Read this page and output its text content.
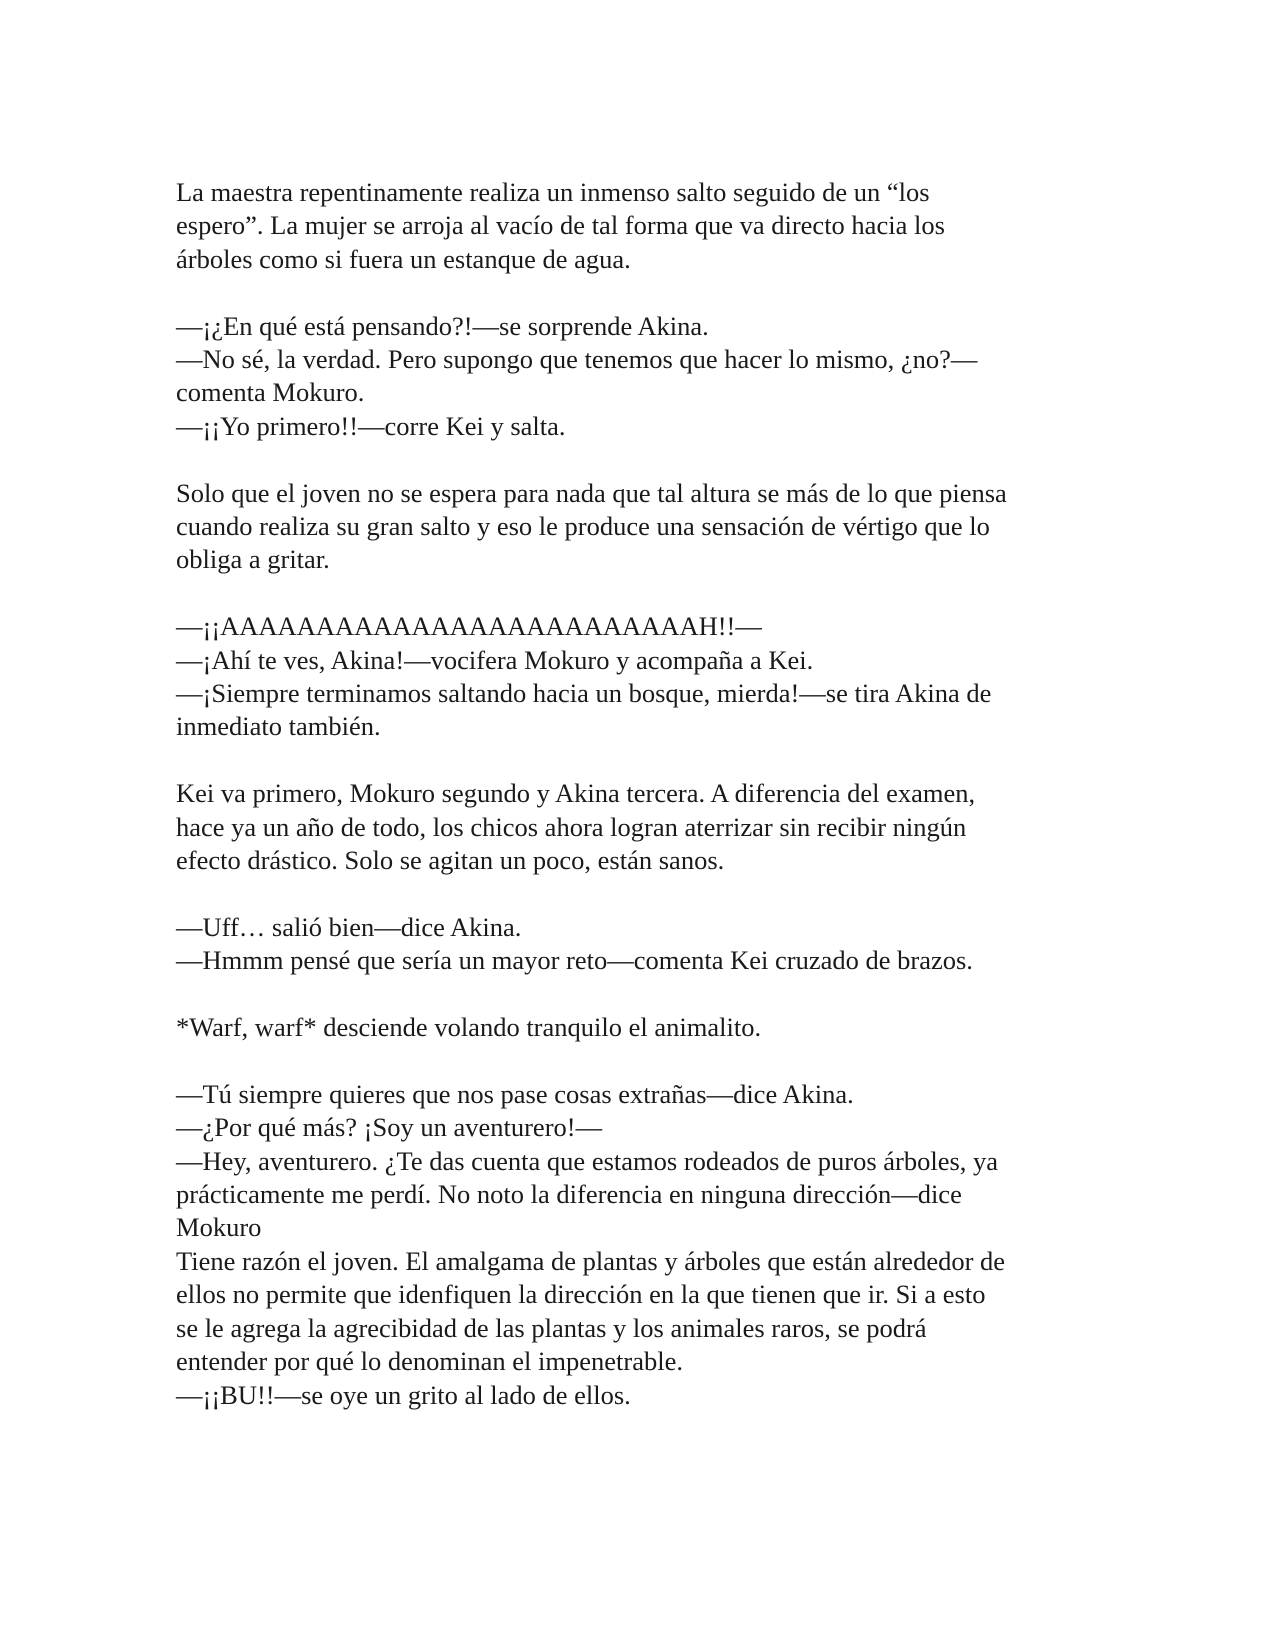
La maestra repentinamente realiza un inmenso salto seguido de un “los
espero”. La mujer se arroja al vacío de tal forma que va directo hacia los
árboles como si fuera un estanque de agua.

—¡¿En qué está pensando?!—se sorprende Akina.
—No sé, la verdad. Pero supongo que tenemos que hacer lo mismo, ¿no?—
comenta Mokuro.
—¡¡Yo primero!!—corre Kei y salta.

Solo que el joven no se espera para nada que tal altura se más de lo que piensa
cuando realiza su gran salto y eso le produce una sensación de vértigo que lo
obliga a gritar.

—¡¡AAAAAAAAAAAAAAAAAAAAAAAAAH!!—
—¡Ahí te ves, Akina!—vocifera Mokuro y acompaña a Kei.
—¡Siempre terminamos saltando hacia un bosque, mierda!—se tira Akina de
inmediato también.

Kei va primero, Mokuro segundo y Akina tercera. A diferencia del examen,
hace ya un año de todo, los chicos ahora logran aterrizar sin recibir ningún
efecto drástico. Solo se agitan un poco, están sanos.

—Uff… salió bien—dice Akina.
—Hmmm pensé que sería un mayor reto—comenta Kei cruzado de brazos.

*Warf, warf* desciende volando tranquilo el animalito.

—Tú siempre quieres que nos pase cosas extrañas—dice Akina.
—¿Por qué más? ¡Soy un aventurero!—
—Hey, aventurero. ¿Te das cuenta que estamos rodeados de puros árboles, ya
prácticamente me perdí. No noto la diferencia en ninguna dirección—dice
Mokuro
Tiene razón el joven. El amalgama de plantas y árboles que están alrededor de
ellos no permite que idenfiquen la dirección en la que tienen que ir. Si a esto
se le agrega la agrecibidad de las plantas y los animales raros, se podrá
entender por qué lo denominan el impenetrable.
—¡¡BU!!—se oye un grito al lado de ellos.
